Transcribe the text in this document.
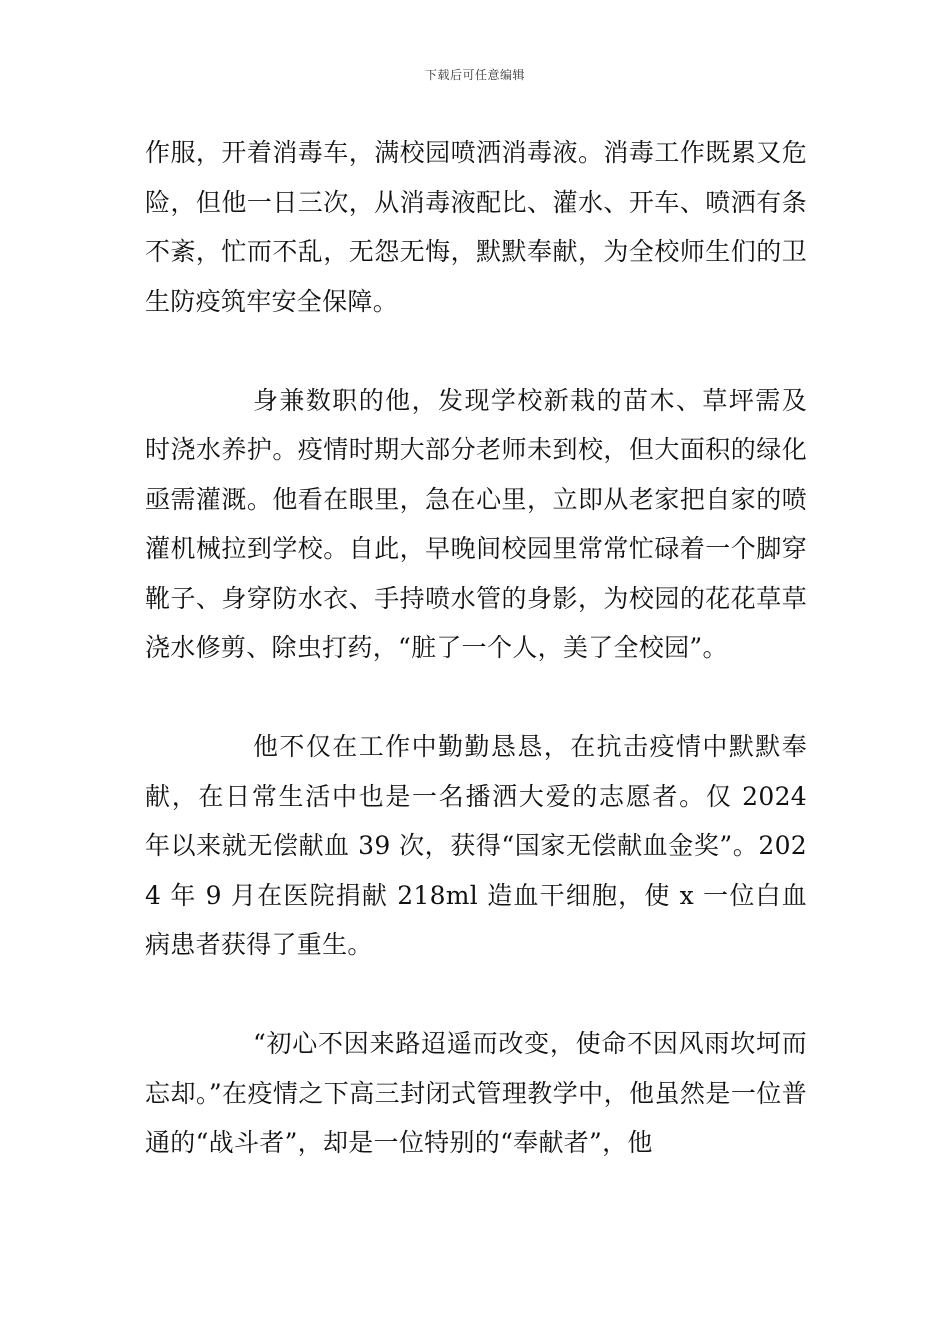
下载后可任意编辑

作服，开着消毒车，满校园喷洒消毒液。消毒工作既累又危险，但他一日三次，从消毒液配比、灌水、开车、喷洒有条不紊，忙而不乱，无怨无悔，默默奉献，为全校师生们的卫生防疫筑牢安全保障。

身兼数职的他，发现学校新栽的苗木、草坪需及时浇水养护。疫情时期大部分老师未到校，但大面积的绿化亟需灌溉。他看在眼里，急在心里，立即从老家把自家的喷灌机械拉到学校。自此，早晚间校园里常常忙碌着一个脚穿靴子、身穿防水衣、手持喷水管的身影，为校园的花花草草浇水修剪、除虫打药，“脏了一个人，美了全校园”。

他不仅在工作中勤勤恳恳，在抗击疫情中默默奉献，在日常生活中也是一名播洒大爱的志愿者。仅 2024 年以来就无偿献血 39 次，获得“国家无偿献血金奖”。2024 年 9 月在医院捐献 218ml 造血干细胞，使 x 一位白血病患者获得了重生。

“初心不因来路迢遥而改变，使命不因风雨坎坷而忘却。”在疫情之下高三封闭式管理教学中，他虽然是一位普通的“战斗者”，却是一位特别的“奉献者”，他
